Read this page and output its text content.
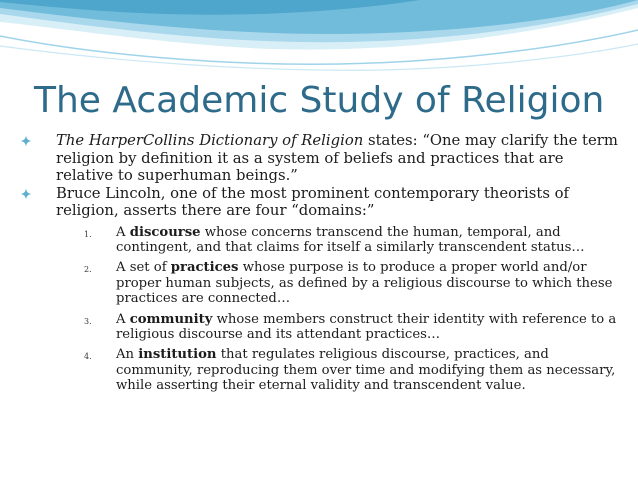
The Academic Study of Religion
The HarperCollins Dictionary of Religion states: “One may clarify the term religion by definition it as a system of beliefs and practices that are relative to superhuman beings.”
Bruce Lincoln, one of the most prominent contemporary theorists of religion, asserts there are four “domains:”
1. A discourse whose concerns transcend the human, temporal, and contingent, and that claims for itself a similarly transcendent status…
2. A set of practices whose purpose is to produce a proper world and/or proper human subjects, as defined by a religious discourse to which these practices are connected…
3. A community whose members construct their identity with reference to a religious discourse and its attendant practices…
4. An institution that regulates religious discourse, practices, and community, reproducing them over time and modifying them as necessary, while asserting their eternal validity and transcendent value.
